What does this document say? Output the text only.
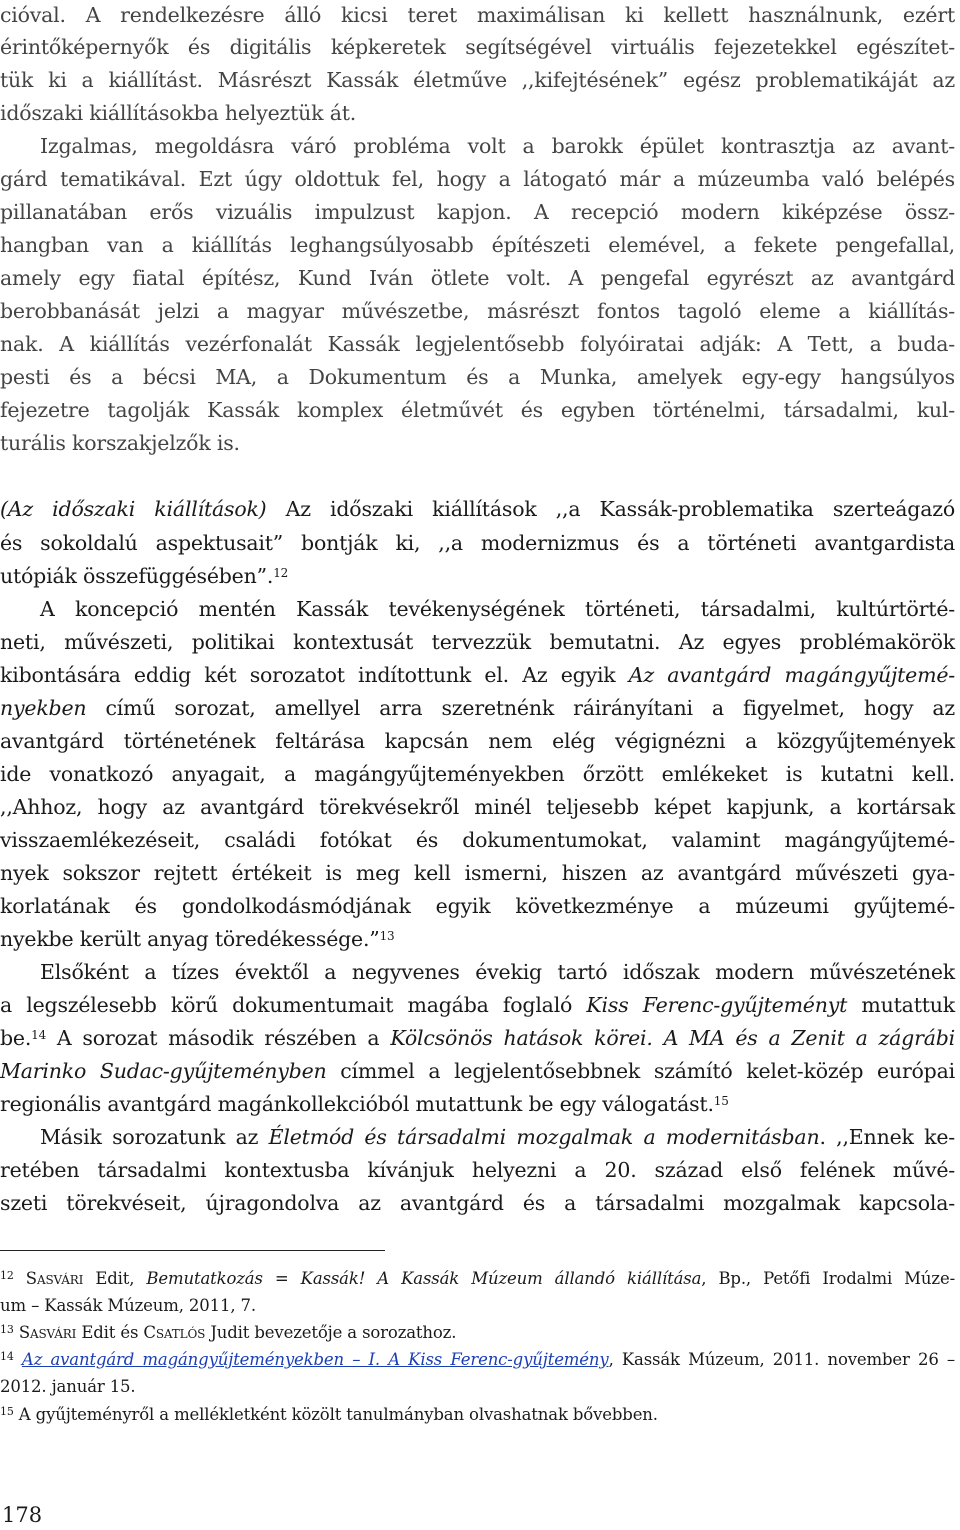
cióval. A rendelkezésre álló kicsi teret maximálisan ki kellett használnunk, ezért
érintőképernyők és digitális képkeretek segítségével virtuális fejezetekkel egészítet-
tük ki a kiállítást. Másrészt Kassák életműve ,,kifejtésének” egész problematikáját az
időszaki kiállításokba helyeztük át.
Izgalmas, megoldásra váró probléma volt a barokk épület kontrasztja az avant-
gárd tematikával. Ezt úgy oldottuk fel, hogy a látogató már a múzeumba való belépés
pillanatában erős vizuális impulzust kapjon. A recepció modern kiképzése össz-
hangban van a kiállítás leghangsúlyosabb építészeti elemével, a fekete pengefallal,
amely egy fiatal építész, Kund Iván ötlete volt. A pengefal egyrészt az avantgárd
berobbanását jelzi a magyar művészetbe, másrészt fontos tagoló eleme a kiállítás-
nak. A kiállítás vezérfonalát Kassák legjelentősebb folyóiratai adják: A Tett, a buda-
pesti és a bécsi MA, a Dokumentum és a Munka, amelyek egy-egy hangsúlyos
fejezetre tagolják Kassák komplex életművét és egyben történelmi, társadalmi, kul-
turális korszakjelzők is.
(Az időszaki kiállítások) Az időszaki kiállítások ,,a Kassák-problematika szerteágazó
és sokoldalú aspektusait” bontják ki, ,,a modernizmus és a történeti avantgardista
utópiák összefüggésében”.$^{12}$
A koncepció mentén Kassák tevékenységének történeti, társadalmi, kultúrtörté-
neti, művészeti, politikai kontextusát tervezzük bemutatni. Az egyes problémakörök
kibontására eddig két sorozatot indítottunk el. Az egyik Az avantgárd magángyűjtemé-
nyekben című sorozat, amellyel arra szeretnénk ráirányítani a figyelmet, hogy az
avantgárd történetének feltárása kapcsán nem elég végignézni a közgyűjtemények
ide vonatkozó anyagait, a magángyűjteményekben őrzött emlékeket is kutatni kell.
,,Ahhoz, hogy az avantgárd törekvésekről minél teljesebb képet kapjunk, a kortársak
visszaemlékezéseit, családi fotókat és dokumentumokat, valamint magángyűjtemé-
nyek sokszor rejtett értékeit is meg kell ismerni, hiszen az avantgárd művészeti gya-
korlatának és gondolkodásmódjának egyik következménye a múzeumi gyűjtemé-
nyekbe került anyag töredékessége.”$^{13}$
Elsőként a tízes évektől a negyvenes évekig tartó időszak modern művészetének
a legszélesebb körű dokumentumait magába foglaló Kiss Ferenc-gyűjteményt mutattuk
be.$^{14}$ A sorozat második részében a Kölcsönös hatások körei. A MA és a Zenit a zágrábi
Marinko Sudac-gyűjteményben címmel a legjelentősebbnek számító kelet-közép európai
regionális avantgárd magánkollekcióból mutattunk be egy válogatást.$^{15}$
Másik sorozatunk az Életmód és társadalmi mozgalmak a modernitásban. ,,Ennek ke-
retében társadalmi kontextusba kívánjuk helyezni a 20. század első felének művé-
szeti törekvéseit, újragondolva az avantgárd és a társadalmi mozgalmak kapcsola-
$^{12}$ Sasvári Edit, Bemutatkozás = Kassák! A Kassák Múzeum állandó kiállítása, Bp., Petőfi Irodalmi Múze-
um – Kassák Múzeum, 2011, 7.
$^{13}$ Sasvári Edit és Csatlós Judit bevezetője a sorozathoz.
$^{14}$ Az avantgárd magángyűjteményekben – I. A Kiss Ferenc-gyűjtemény, Kassák Múzeum, 2011. november 26 –
2012. január 15.
$^{15}$ A gyűjteményről a mellékletként közölt tanulmányban olvashatnak bővebben.
178
